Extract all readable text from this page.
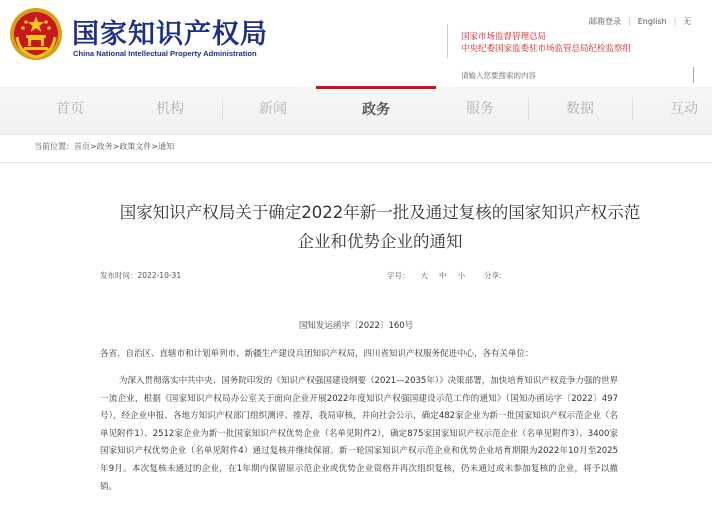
国家知识产权局
China National Intellectual Property Administration
国家市场监督管理总局
中央纪委国家监委驻市场监管总局纪检监察组
邮箱登录 | English | 无
请输入您要搜索的内容
首页	机构	新闻	政务	服务	数据	互动
当前位置：首页>政务>政策文件>通知
国家知识产权局关于确定2022年新一批及通过复核的国家知识产权示范
企业和优势企业的通知
发布时间：2022-10-31	字号： 大 中 小	分享:
国知发运函字〔2022〕160号
各省、自治区、直辖市和计划单列市、新疆生产建设兵团知识产权局，四川省知识产权服务促进中心，各有关单位：
为深入贯彻落实中共中央、国务院印发的《知识产权强国建设纲要（2021—2035年）》决策部署，加快培育知识产权竞争力强的世界一流企业，根据《国家知识产权局办公室关于面向企业开展2022年度知识产权强国建设示范工作的通知》（国知办函运字〔2022〕497号），经企业申报、各地方知识产权部门组织测评、推荐，我局审核，并向社会公示，确定482家企业为新一批国家知识产权示范企业（名单见附件1）、2512家企业为新一批国家知识产权优势企业（名单见附件2），确定875家国家知识产权示范企业（名单见附件3）、3400家国家知识产权优势企业（名单见附件4）通过复核并继续保留。新一轮国家知识产权示范企业和优势企业培育期限为2022年10月至2025年9月。本次复核未通过的企业，在1年期内保留原示范企业或优势企业资格并再次组织复核，仍未通过或未参加复核的企业，将予以撤销。
